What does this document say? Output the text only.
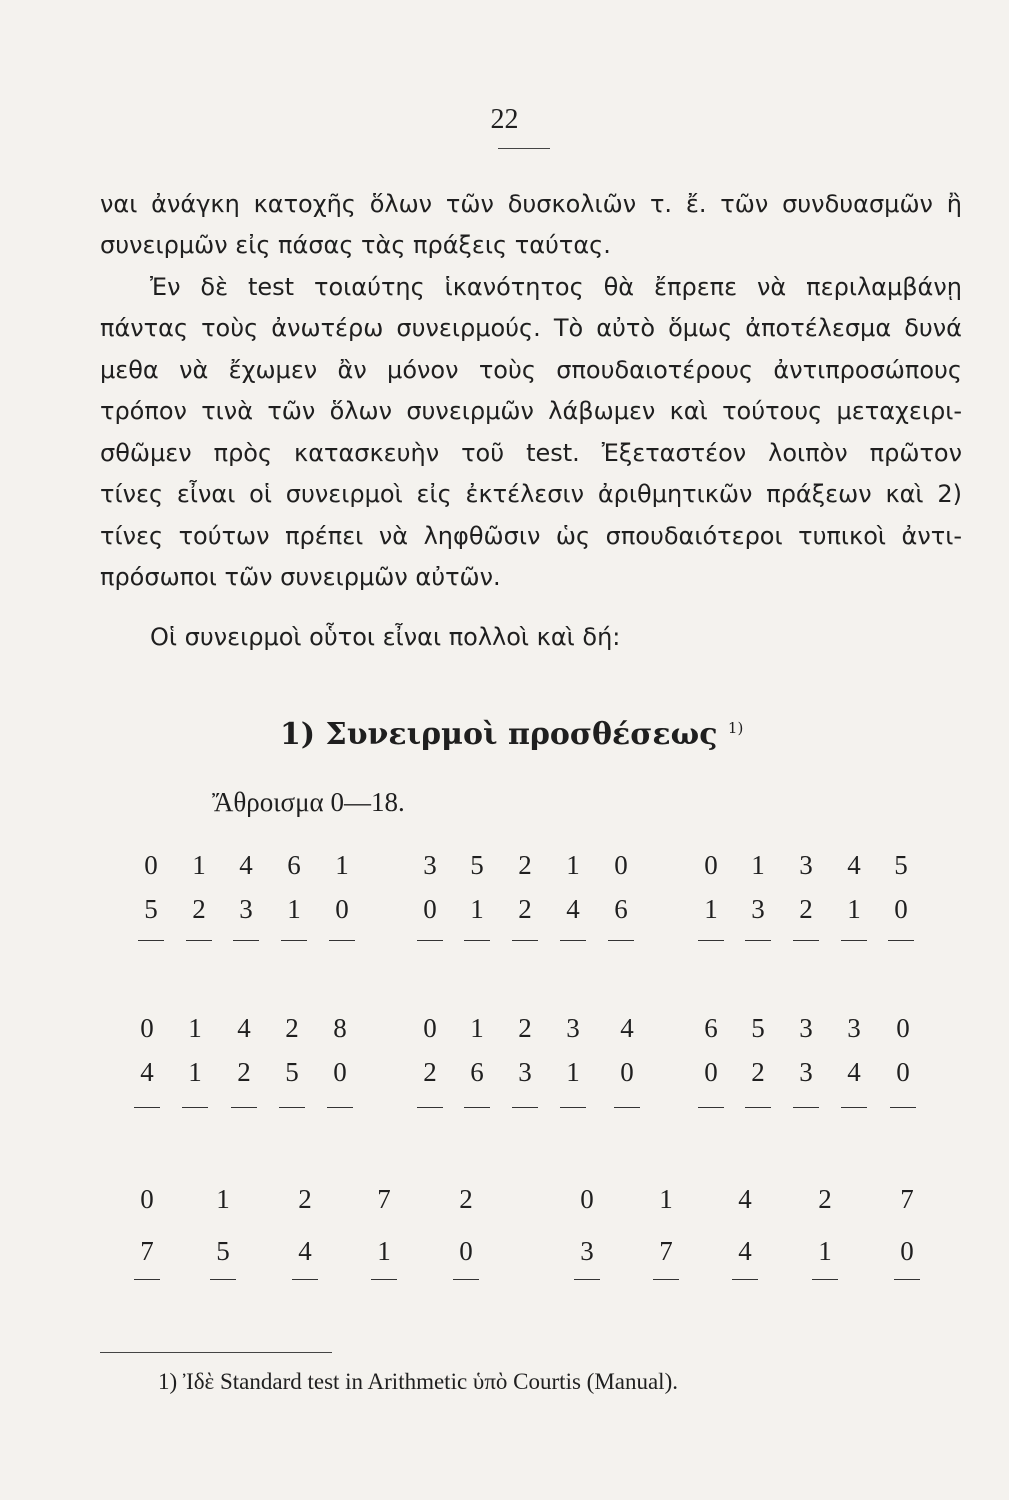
22
ναι ἀνάγκη κατοχῆς ὅλων τῶν δυσκολιῶν τ. ἔ. τῶν συνδυασμῶν ἢ
συνειρμῶν εἰς πάσας τὰς πράξεις ταύτας.
Ἐν δὲ test τοιαύτης ἱκανότητος θὰ ἔπρεπε νὰ περιλαμβάνῃ
πάντας τοὺς ἀνωτέρω συνειρμούς. Τὸ αὐτὸ ὅμως ἀποτέλεσμα δυνά
μεθα νὰ ἔχωμεν ἂν μόνον τοὺς σπουδαιοτέρους ἀντιπροσώπους
τρόπον τινὰ τῶν ὅλων συνειρμῶν λάβωμεν καὶ τούτους μεταχειρι-
σθῶμεν πρὸς κατασκευὴν τοῦ test. Ἐξεταστέον λοιπὸν πρῶτον
τίνες εἶναι οἱ συνειρμοὶ εἰς ἐκτέλεσιν ἀριθμητικῶν πράξεων καὶ 2)
τίνες τούτων πρέπει νὰ ληφθῶσιν ὡς σπουδαιότεροι τυπικοὶ ἀντι-
πρόσωποι τῶν συνειρμῶν αὐτῶν.
Οἱ συνειρμοὶ οὗτοι εἶναι πολλοὶ καὶ δή:
1) Συνειρμοὶ προσθέσεως $^{1)}$
Ἄθροισμα 0—18.
0
5
1
2
4
3
6
1
1
0
3
0
5
1
2
2
1
4
0
6
0
1
1
3
3
2
4
1
5
0
0
4
1
1
4
2
2
5
8
0
0
2
1
6
2
3
3
1
4
0
6
0
5
2
3
3
3
4
0
0
0
7
1
5
2
4
7
1
2
0
0
3
1
7
4
4
2
1
7
0
1) Ἰδὲ Standard test in Arithmetic ὑπὸ Courtis (Manual).
